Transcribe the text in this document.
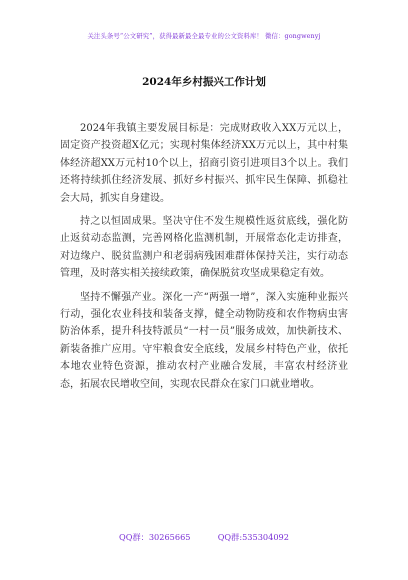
关注头条号“公文研究”，获得最新最全最专业的公文资料库！ 微信：gongwenyj
2024年乡村振兴工作计划

2024年我镇主要发展目标是：完成财政收入XX万元以上，固定资产投资超X亿元；实现村集体经济XX万元以上，其中村集体经济超XX万元村10个以上，招商引资引进项目3个以上。我们还将持续抓住经济发展、抓好乡村振兴、抓牢民生保障、抓稳社会大局，抓实自身建设。

持之以恒固成果。坚决守住不发生规模性返贫底线，强化防止返贫动态监测，完善网格化监测机制，开展常态化走访排查，对边缘户、脱贫监测户和老弱病残困难群体保持关注，实行动态管理，及时落实相关接续政策，确保脱贫攻坚成果稳定有效。

坚持不懈强产业。深化一产“两强一增”，深入实施种业振兴行动，强化农业科技和装备支撑，健全动物防疫和农作物病虫害防治体系，提升科技特派员“一村一员”服务成效，加快新技术、新装备推广应用。守牢粮食安全底线，发展乡村特色产业，依托本地农业特色资源，推动农村产业融合发展，丰富农村经济业态，拓展农民增收空间，实现农民群众在家门口就业增收。

QQ群：30265665	QQ群:535304092
